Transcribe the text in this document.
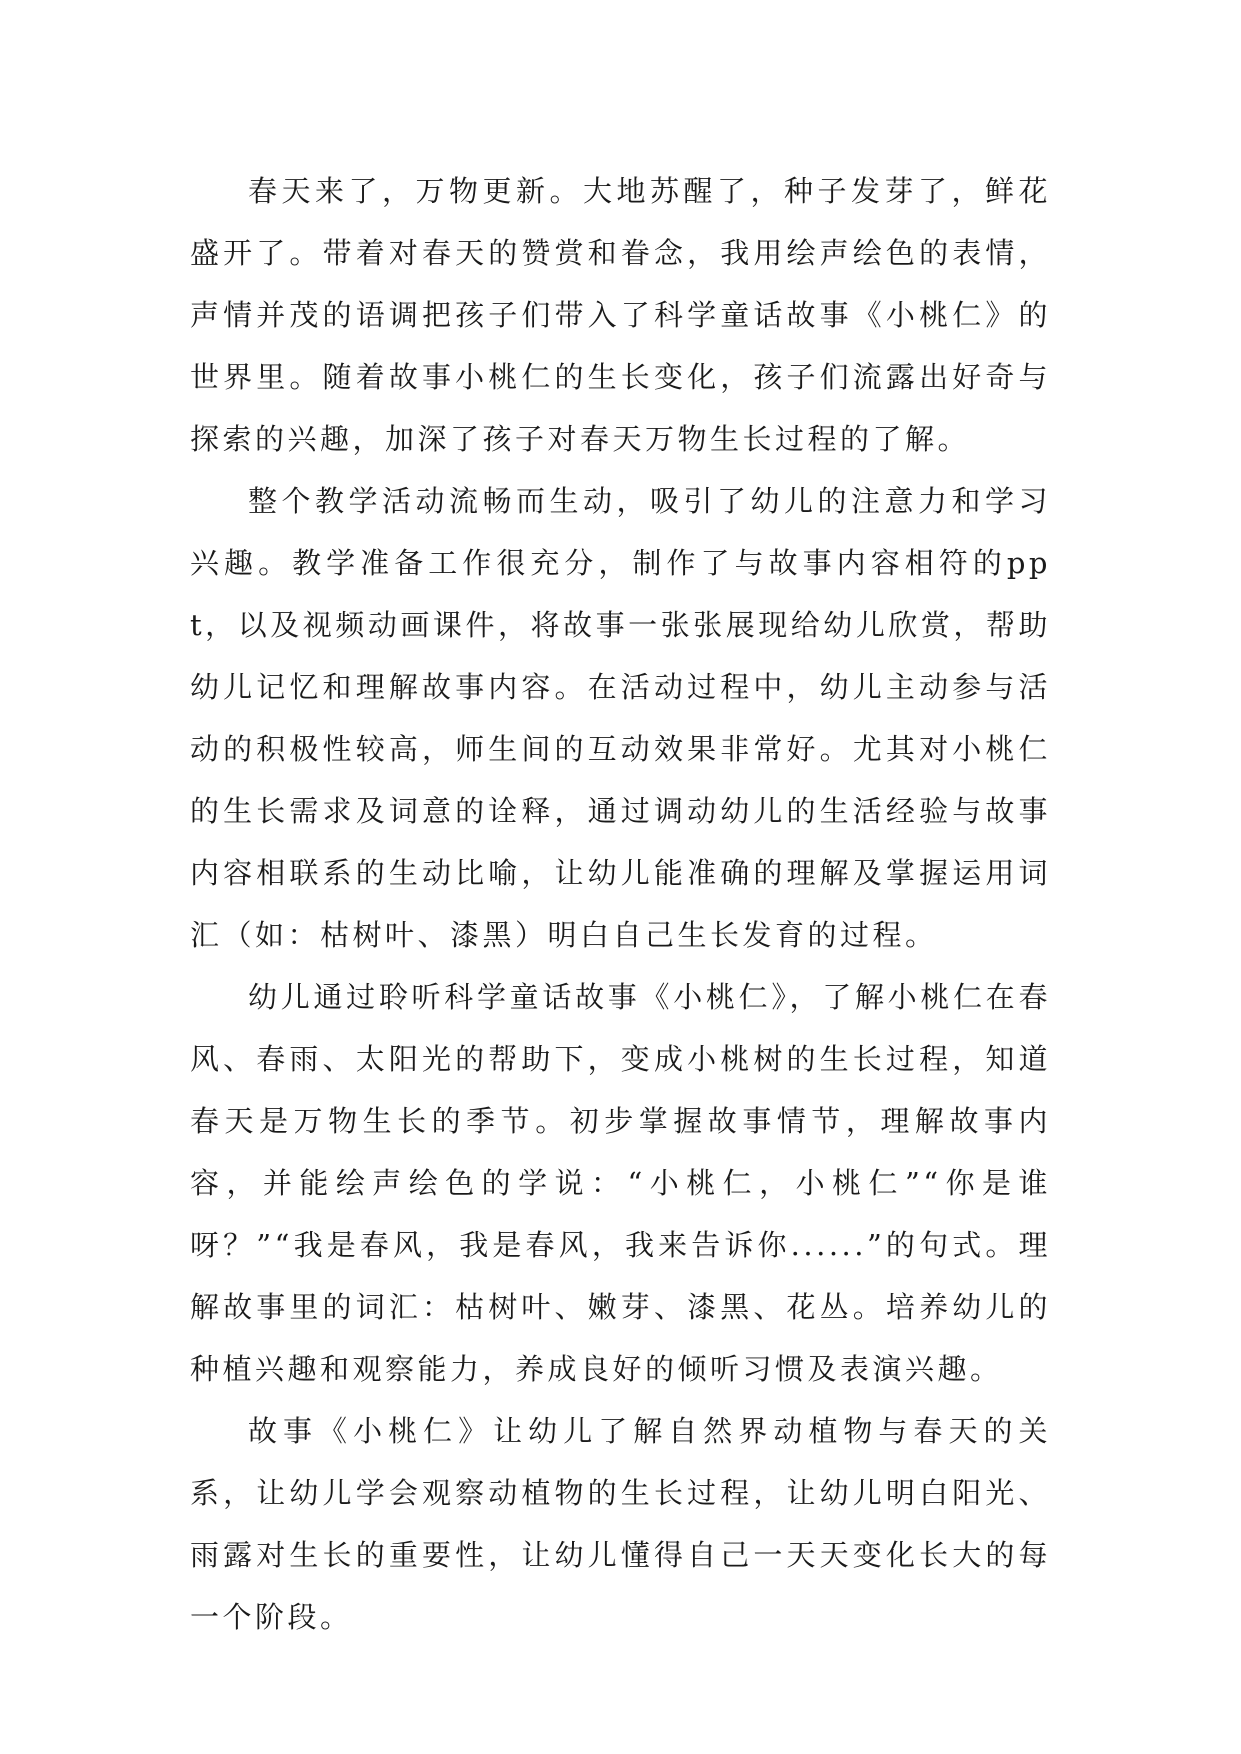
春天来了，万物更新。大地苏醒了，种子发芽了，鲜花盛开了。带着对春天的赞赏和眷念，我用绘声绘色的表情，声情并茂的语调把孩子们带入了科学童话故事《小桃仁》的世界里。随着故事小桃仁的生长变化，孩子们流露出好奇与探索的兴趣，加深了孩子对春天万物生长过程的了解。

整个教学活动流畅而生动，吸引了幼儿的注意力和学习兴趣。教学准备工作很充分，制作了与故事内容相符的ppt，以及视频动画课件，将故事一张张展现给幼儿欣赏，帮助幼儿记忆和理解故事内容。在活动过程中，幼儿主动参与活动的积极性较高，师生间的互动效果非常好。尤其对小桃仁的生长需求及词意的诠释，通过调动幼儿的生活经验与故事内容相联系的生动比喻，让幼儿能准确的理解及掌握运用词汇（如：枯树叶、漆黑）明白自己生长发育的过程。

幼儿通过聆听科学童话故事《小桃仁》，了解小桃仁在春风、春雨、太阳光的帮助下，变成小桃树的生长过程，知道春天是万物生长的季节。初步掌握故事情节，理解故事内容，并能绘声绘色的学说：“小桃仁，小桃仁”“你是谁呀？”“我是春风，我是春风，我来告诉你......”的句式。理解故事里的词汇：枯树叶、嫩芽、漆黑、花丛。培养幼儿的种植兴趣和观察能力，养成良好的倾听习惯及表演兴趣。

故事《小桃仁》让幼儿了解自然界动植物与春天的关系，让幼儿学会观察动植物的生长过程，让幼儿明白阳光、雨露对生长的重要性，让幼儿懂得自己一天天变化长大的每一个阶段。
